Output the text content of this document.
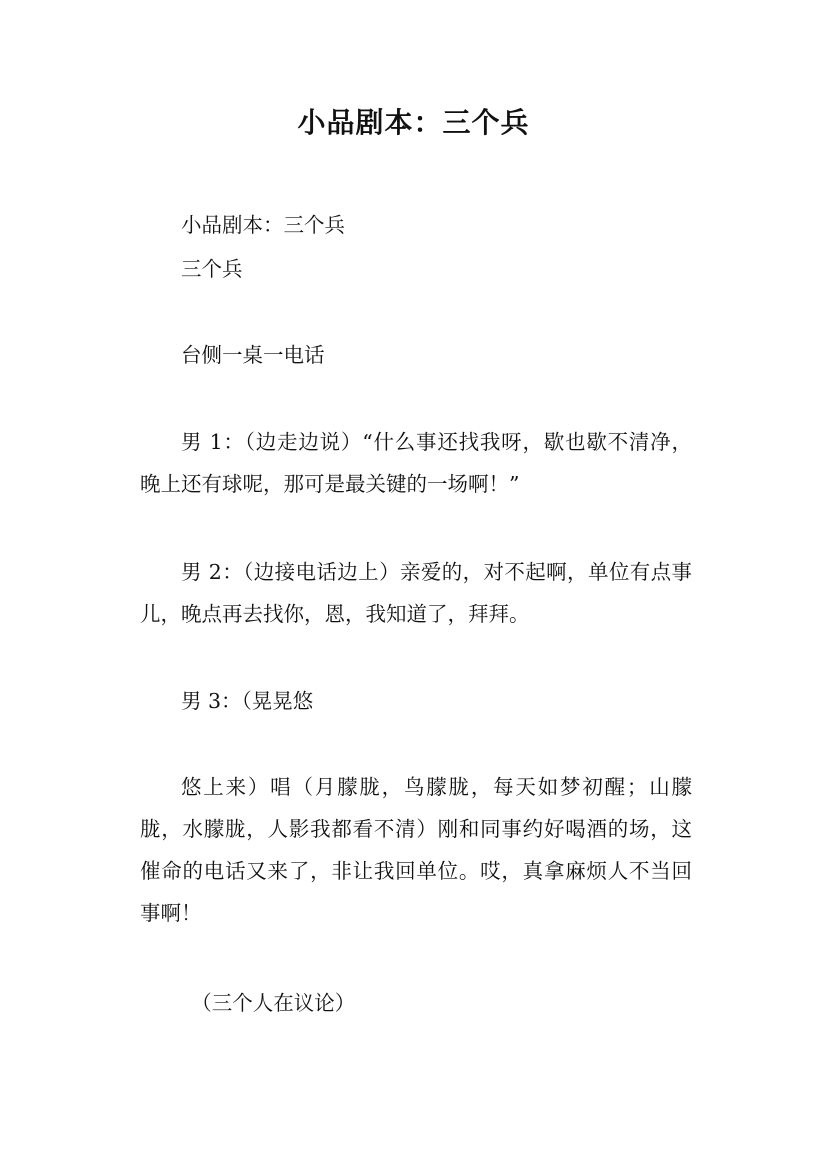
小品剧本：三个兵
小品剧本：三个兵
三个兵
台侧一桌一电话
男 1：（边走边说）“什么事还找我呀，歇也歇不清净，晚上还有球呢，那可是最关键的一场啊！”
男 2：（边接电话边上）亲爱的，对不起啊，单位有点事儿，晚点再去找你，恩，我知道了，拜拜。
男 3：（晃晃悠
悠上来）唱（月朦胧，鸟朦胧，每天如梦初醒；山朦胧，水朦胧，人影我都看不清）刚和同事约好喝酒的场，这催命的电话又来了，非让我回单位。哎，真拿麻烦人不当回事啊！
（三个人在议论）
